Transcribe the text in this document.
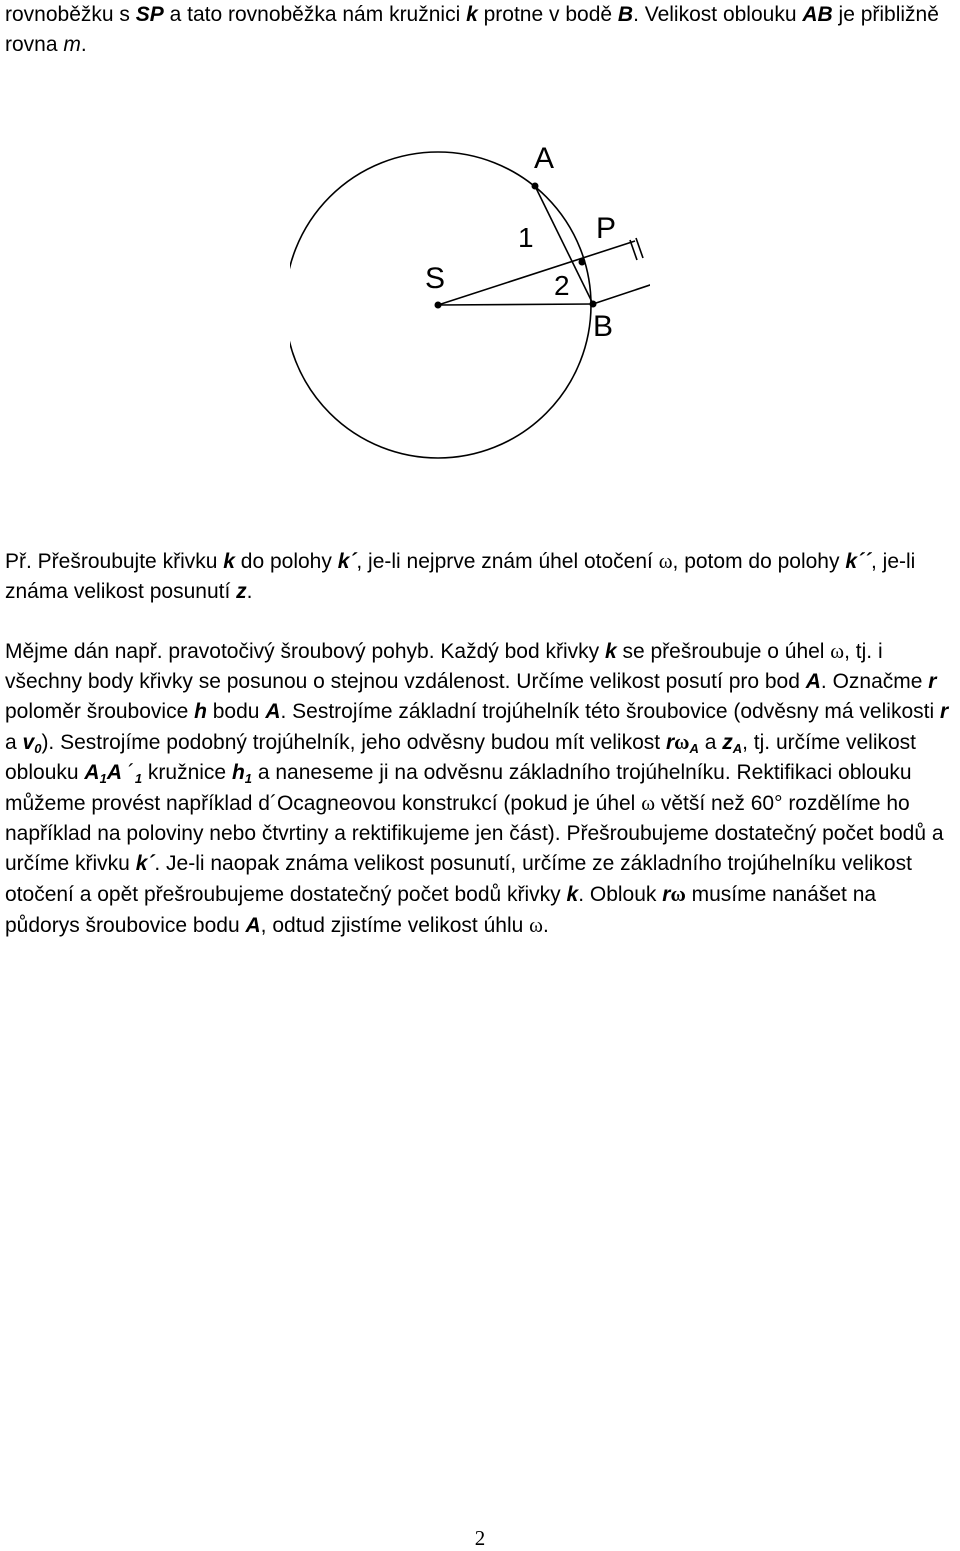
rovnoběžku s SP a tato rovnoběžka nám kružnici k protne v bodě B. Velikost oblouku AB je přibližně rovna m.

A
P
S
B
1
2

Př. Přešroubujte křivku k do polohy k´, je-li nejprve znám úhel otočení ω, potom do polohy k´´, je-li známa velikost posunutí z.

Mějme dán např. pravotočivý šroubový pohyb. Každý bod křivky k se přešroubuje o úhel ω, tj. i všechny body křivky se posunou o stejnou vzdálenost. Určíme velikost posutí pro bod A. Označme r poloměr šroubovice h bodu A. Sestrojíme základní trojúhelník této šroubovice (odvěsny má velikosti r a $v_0$). Sestrojíme podobný trojúhelník, jeho odvěsny budou mít velikost $r\omega_A$ a $z_A$, tj. určíme velikost oblouku $A_1A$ $´_1$ kružnice $h_1$ a naneseme ji na odvěsnu základního trojúhelníku. Rektifikaci oblouku můžeme provést například d´Ocagneovou konstrukcí (pokud je úhel ω větší než 60° rozdělíme ho například na poloviny nebo čtvrtiny a rektifikujeme jen část). Přešroubujeme dostatečný počet bodů a určíme křivku k´. Je-li naopak známa velikost posunutí, určíme ze základního trojúhelníku velikost otočení a opět přešroubujeme dostatečný počet bodů křivky k. Oblouk rω musíme nanášet na půdorys šroubovice bodu A, odtud zjistíme velikost úhlu ω.

2
